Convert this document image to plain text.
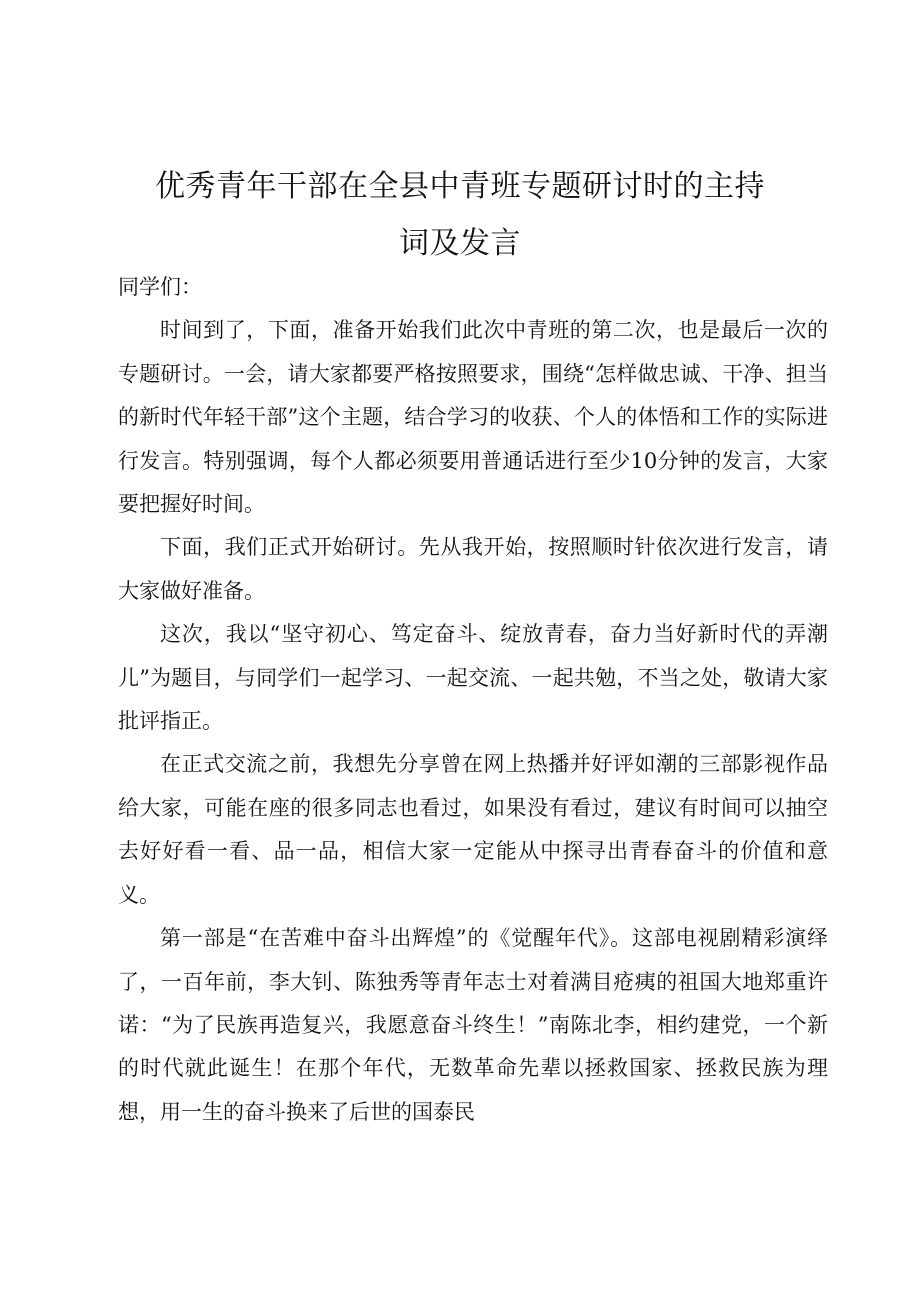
优秀青年干部在全县中青班专题研讨时的主持
词及发言

同学们：

时间到了，下面，准备开始我们此次中青班的第二次，也是最后一次的专题研讨。一会，请大家都要严格按照要求，围绕“怎样做忠诚、干净、担当的新时代年轻干部”这个主题，结合学习的收获、个人的体悟和工作的实际进行发言。特别强调，每个人都必须要用普通话进行至少10分钟的发言，大家要把握好时间。

下面，我们正式开始研讨。先从我开始，按照顺时针依次进行发言，请大家做好准备。

这次，我以“坚守初心、笃定奋斗、绽放青春，奋力当好新时代的弄潮儿”为题目，与同学们一起学习、一起交流、一起共勉，不当之处，敬请大家批评指正。

在正式交流之前，我想先分享曾在网上热播并好评如潮的三部影视作品给大家，可能在座的很多同志也看过，如果没有看过，建议有时间可以抽空去好好看一看、品一品，相信大家一定能从中探寻出青春奋斗的价值和意义。

第一部是“在苦难中奋斗出辉煌”的《觉醒年代》。这部电视剧精彩演绎了，一百年前，李大钊、陈独秀等青年志士对着满目疮痍的祖国大地郑重许诺：“为了民族再造复兴，我愿意奋斗终生！”南陈北李，相约建党，一个新的时代就此诞生！在那个年代，无数革命先辈以拯救国家、拯救民族为理想，用一生的奋斗换来了后世的国泰民
